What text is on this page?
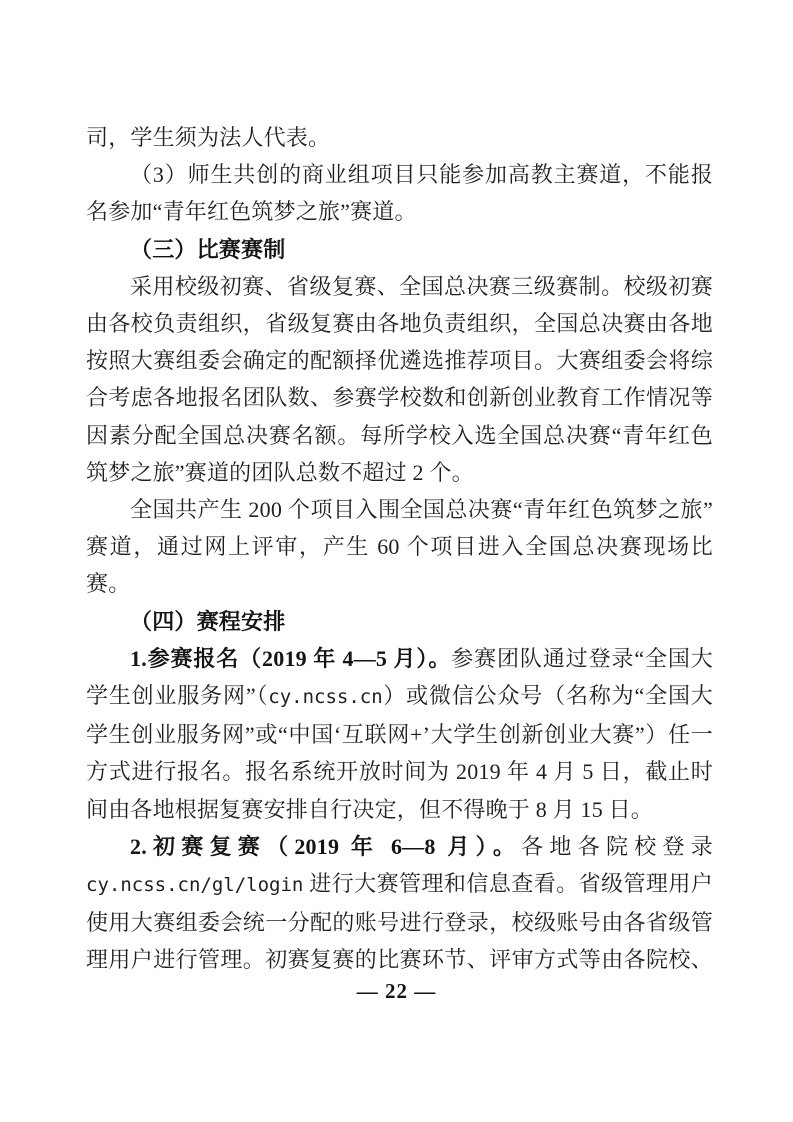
司，学生须为法人代表。

（3）师生共创的商业组项目只能参加高教主赛道，不能报名参加“青年红色筑梦之旅”赛道。

（三）比赛赛制

采用校级初赛、省级复赛、全国总决赛三级赛制。校级初赛由各校负责组织，省级复赛由各地负责组织，全国总决赛由各地按照大赛组委会确定的配额择优遴选推荐项目。大赛组委会将综合考虑各地报名团队数、参赛学校数和创新创业教育工作情况等因素分配全国总决赛名额。每所学校入选全国总决赛“青年红色筑梦之旅”赛道的团队总数不超过 2 个。

全国共产生 200 个项目入围全国总决赛“青年红色筑梦之旅”赛道，通过网上评审，产生 60 个项目进入全国总决赛现场比赛。

（四）赛程安排

1.参赛报名（2019 年 4—5 月）。参赛团队通过登录“全国大学生创业服务网”（cy.ncss.cn）或微信公众号（名称为“全国大学生创业服务网”或“中国‘互联网+’大学生创新创业大赛”）任一方式进行报名。报名系统开放时间为 2019 年 4 月 5 日，截止时间由各地根据复赛安排自行决定，但不得晚于 8 月 15 日。

2.初赛复赛（2019 年 6—8 月）。各地各院校登录 cy.ncss.cn/gl/login 进行大赛管理和信息查看。省级管理用户使用大赛组委会统一分配的账号进行登录，校级账号由各省级管理用户进行管理。初赛复赛的比赛环节、评审方式等由各院校、

— 22 —
